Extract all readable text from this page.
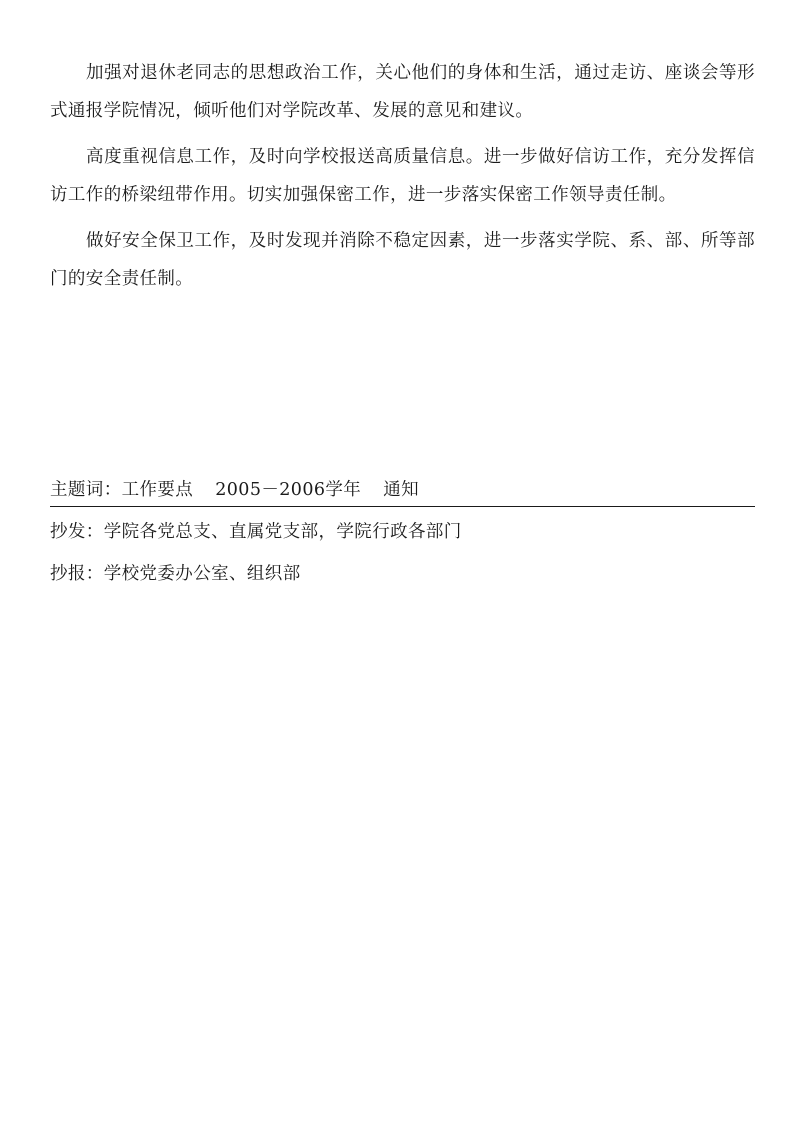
加强对退休老同志的思想政治工作，关心他们的身体和生活，通过走访、座谈会等形式通报学院情况，倾听他们对学院改革、发展的意见和建议。

高度重视信息工作，及时向学校报送高质量信息。进一步做好信访工作，充分发挥信访工作的桥梁纽带作用。切实加强保密工作，进一步落实保密工作领导责任制。

做好安全保卫工作，及时发现并消除不稳定因素，进一步落实学院、系、部、所等部门的安全责任制。

主题词：工作要点 2005－2006学年 通知
抄发：学院各党总支、直属党支部，学院行政各部门
抄报：学校党委办公室、组织部
